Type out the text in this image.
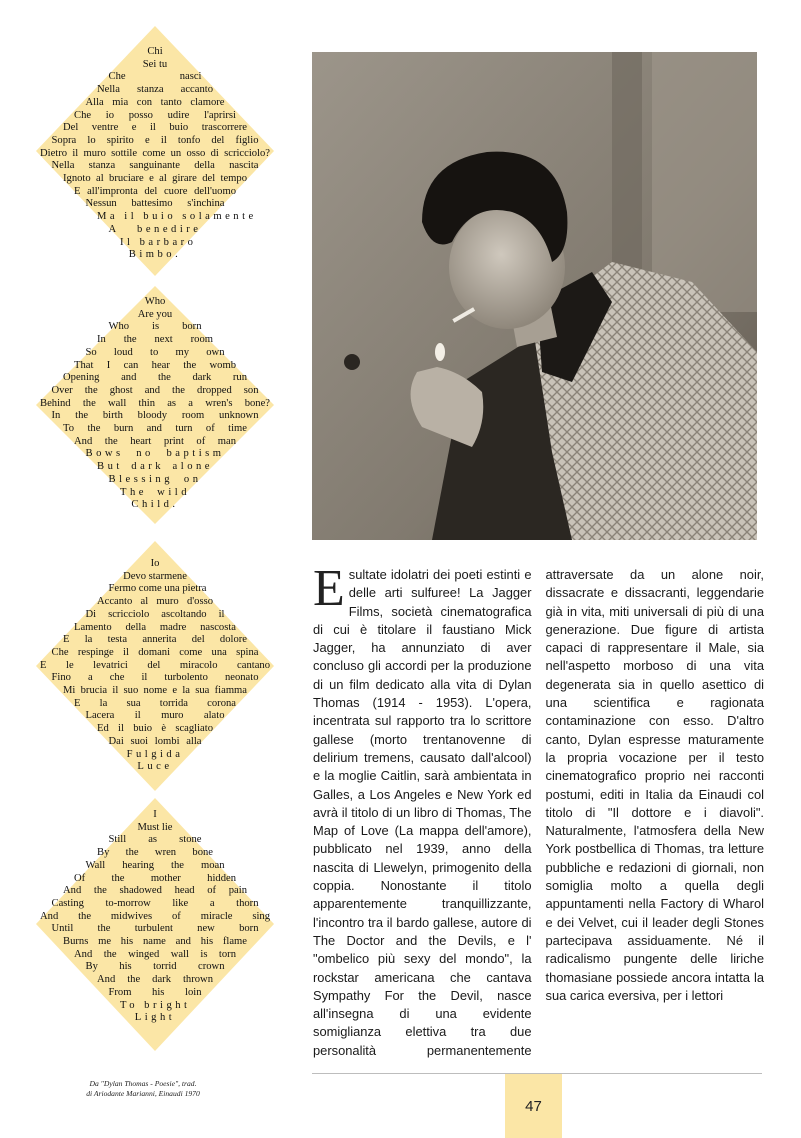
Chi
Sei tu
Che nasci
Nella stanza accanto
Alla mia con tanto clamore
Che io posso udire l'aprirsi
Del ventre e il buio trascorrere
Sopra lo spirito e il tonfo del figlio
Dietro il muro sottile come un osso di scricciolo?
Nella stanza sanguinante della nascita
Ignoto al bruciare e al girare del tempo
E all'impronta del cuore dell'uomo
Nessun battesimo s'inchina
Ma il buio solamente
A benedire
Il barbaro
Bimbo.
Who
Are you
Who is born
In the next room
So loud to my own
That I can hear the womb
Opening and the dark run
Over the ghost and the dropped son
Behind the wall thin as a wren's bone?
In the birth bloody room unknown
To the burn and turn of time
And the heart print of man
Bows no baptism
But dark alone
Blessing on
The wild
Child.
Io
Devo starmene
Fermo come una pietra
Accanto al muro d'osso
Di scricciolo ascoltando il
Lamento della madre nascosta
E la testa annerita del dolore
Che respinge il domani come una spina
E le levatrici del miracolo cantano
Fino a che il turbolento neonato
Mi brucia il suo nome e la sua fiamma
E la sua torrida corona
Lacera il muro alato
Ed il buio è scagliato
Dai suoi lombi alla
Fulgida
Luce
I
Must lie
Still as stone
By the wren bone
Wall hearing the moan
Of the mother hidden
And the shadowed head of pain
Casting to-morrow like a thorn
And the midwives of miracle sing
Until the turbulent new born
Burns me his name and his flame
And the winged wall is torn
By his torrid crown
And the dark thrown
From his loin
To bright
Light
Da "Dylan Thomas - Poesie", trad.
di Ariodante Marianni, Einaudi 1970
Esultate idolatri dei poeti estinti e delle arti sulfuree! La Jagger Films, società cinematografica di cui è titolare il faustiano Mick Jagger, ha annunziato di aver concluso gli accordi per la produzione di un film dedicato alla vita di Dylan Thomas (1914 - 1953). L'opera, incentrata sul rapporto tra lo scrittore gallese (morto trentanovenne di delirium tremens, causato dall'alcool) e la moglie Caitlin, sarà ambientata in Galles, a Los Angeles e New York ed avrà il titolo di un libro di Thomas, The Map of Love (La mappa dell'amore), pubblicato nel 1939, anno della nascita di Llewelyn, primogenito della coppia. Nonostante il titolo apparentemente tranquillizzante, l'incontro tra il bardo gallese, autore di The Doctor and the Devils, e l' "ombelico più sexy del mondo", la rockstar americana che cantava Sympathy For the Devil, nasce all'insegna di una evidente somiglianza elettiva tra due personalità permanentemente attraversate da un alone noir, dissacrate e dissacranti, leggendarie già in vita, miti universali di più di una generazione. Due figure di artista capaci di rappresentare il Male, sia nell'aspetto morboso di una vita degenerata sia in quello asettico di una scientifica e ragionata contaminazione con esso. D'altro canto, Dylan espresse maturamente la propria vocazione per il testo cinematografico proprio nei racconti postumi, editi in Italia da Einaudi col titolo di "Il dottore e i diavoli". Naturalmente, l'atmosfera della New York postbellica di Thomas, tra letture pubbliche e redazioni di giornali, non somiglia molto a quella degli appuntamenti nella Factory di Wharol e dei Velvet, cui il leader degli Stones partecipava assiduamente. Né il radicalismo pungente delle liriche thomasiane possiede ancora intatta la sua carica eversiva, per i lettori
47
